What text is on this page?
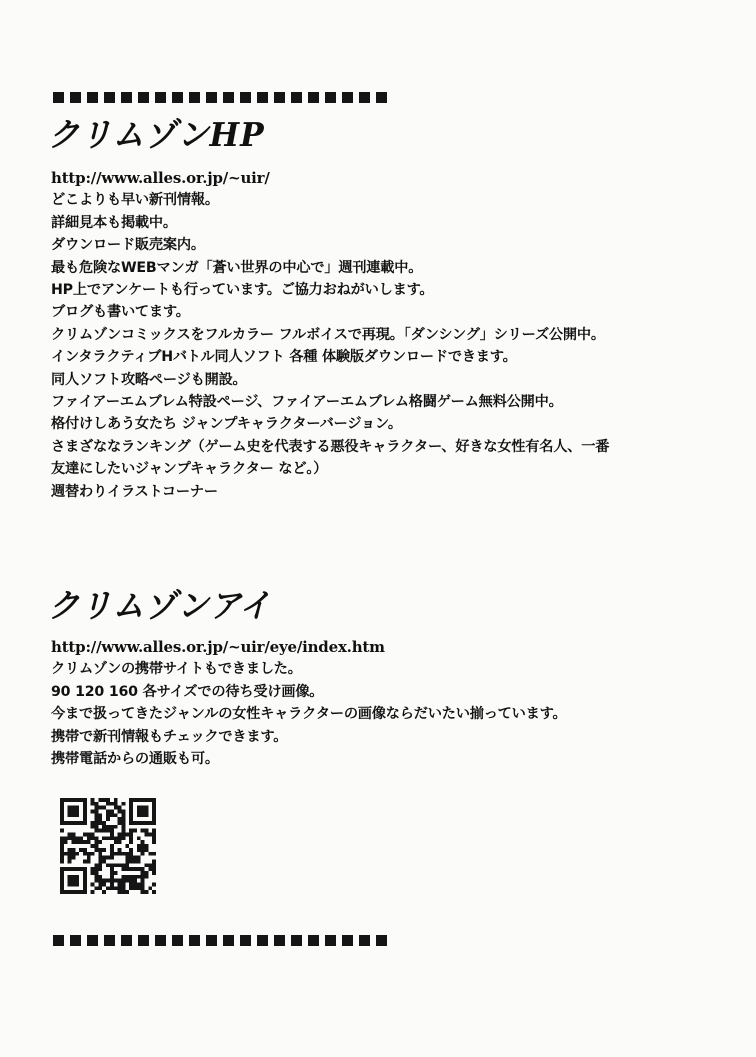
クリムゾンHP
http://www.alles.or.jp/~uir/
どこよりも早い新刊情報。
詳細見本も掲載中。
ダウンロード販売案内。
最も危険なWEBマンガ「蒼い世界の中心で」週刊連載中。
HP上でアンケートも行っています。ご協力おねがいします。
ブログも書いてます。
クリムゾンコミックスをフルカラー フルボイスで再現。「ダンシング」シリーズ公開中。
インタラクティブHバトル同人ソフト 各種 体験版ダウンロードできます。
同人ソフト攻略ページも開設。
ファイアーエムブレム特設ページ、ファイアーエムブレム格闘ゲーム無料公開中。
格付けしあう女たち ジャンプキャラクターバージョン。
さまざななランキング（ゲーム史を代表する悪役キャラクター、好きな女性有名人、一番
友達にしたいジャンプキャラクター など。）
週替わりイラストコーナー
クリムゾンアイ
http://www.alles.or.jp/~uir/eye/index.htm
クリムゾンの携帯サイトもできました。
90 120 160 各サイズでの待ち受け画像。
今まで扱ってきたジャンルの女性キャラクターの画像ならだいたい揃っています。
携帯で新刊情報もチェックできます。
携帯電話からの通販も可。
